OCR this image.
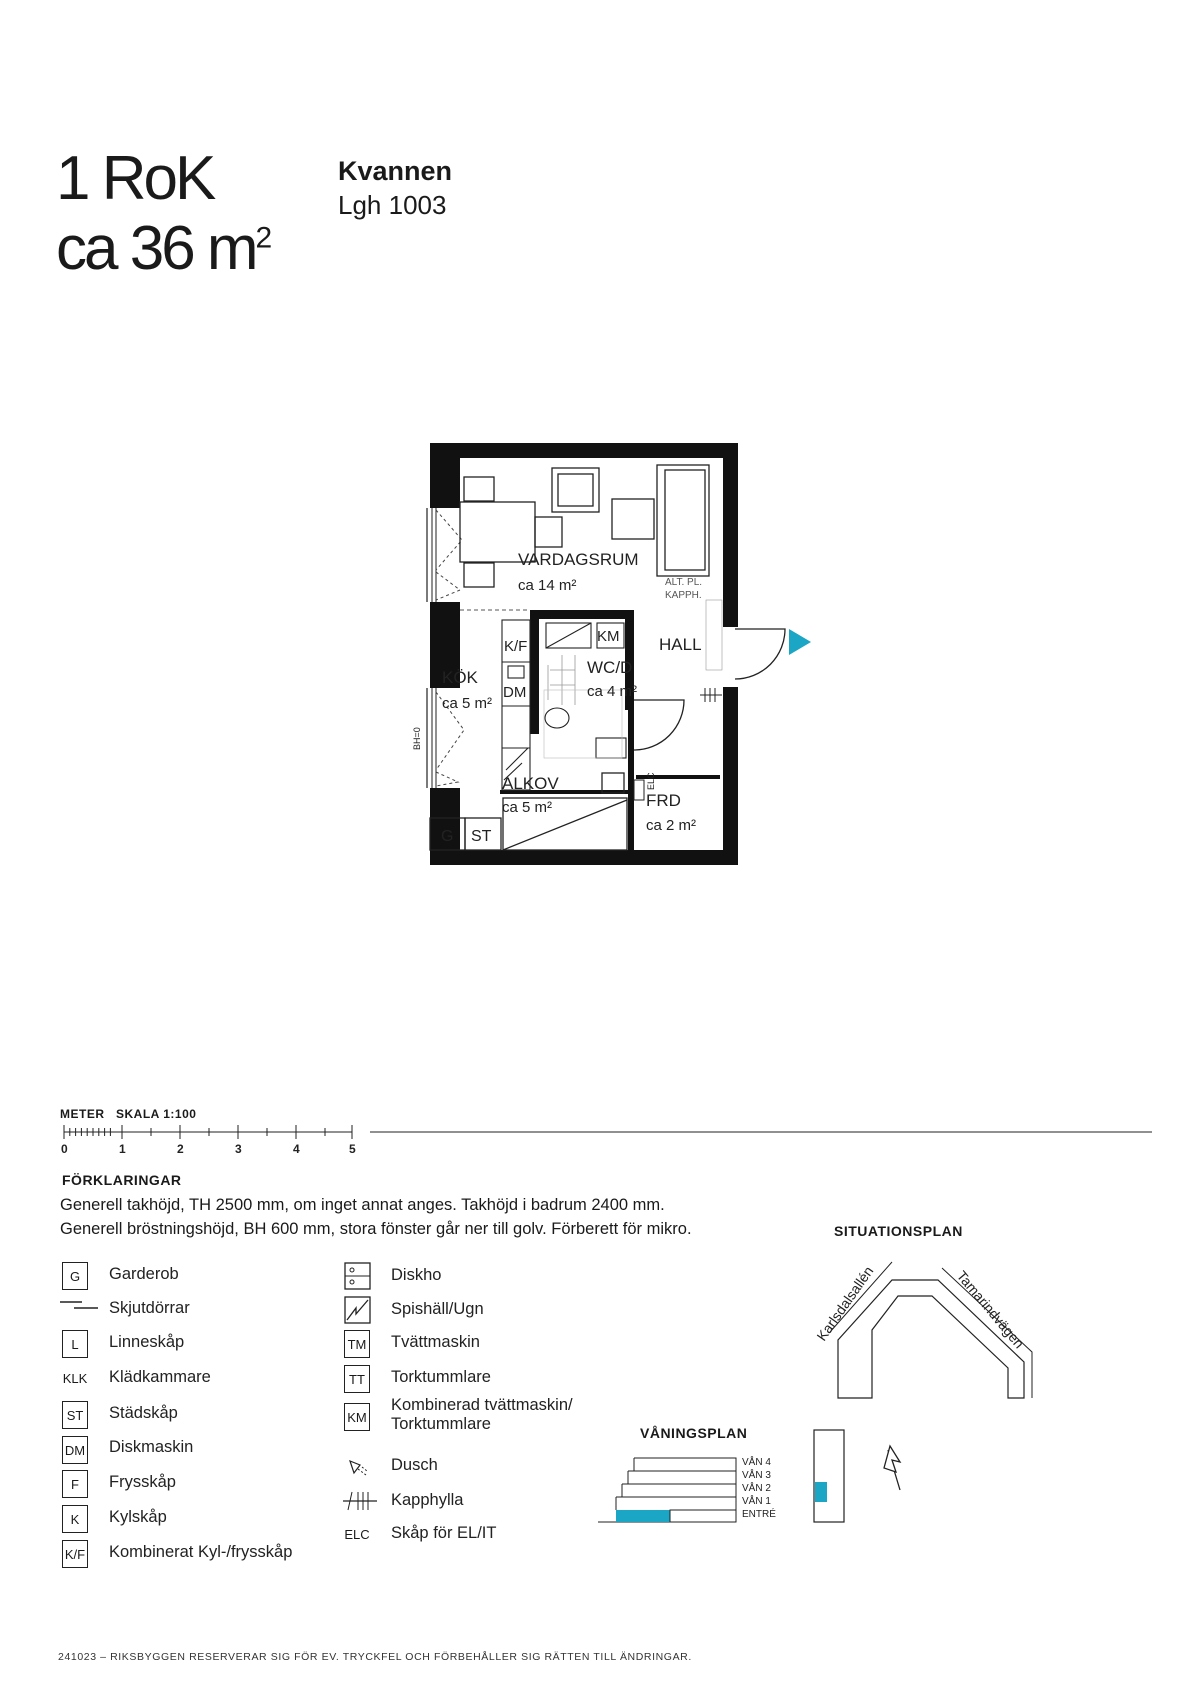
1 RoK
ca 36 $m^2$
Kvannen
Lgh 1003
BH=0
K/F
DM
KM
ALT. PL.
KAPPH.
G ST
ELC
VARDAGSRUM
ca 14 m²
KÖK
ca 5 m²
WC/D
ca 4 m²
HALL
ALKOV
ca 5 m²	FRD
ca 2 m²
METER SKALA 1:100
0	1	2	3	4	5
FÖRKLARINGAR
Generell takhöjd, TH 2500 mm, om inget annat anges. Takhöjd i badrum 2400 mm.
Generell bröstningshöjd, BH 600 mm, stora fönster går ner till golv. Förberett för mikro.
G	Garderob
Skjutdörrar
L	Linneskåp
KLK Klädkammare
ST Städskåp
DM Diskmaskin
F	Frysskåp
K	Kylskåp
K/F Kombinerat Kyl-/frysskåp
Diskho
Spishäll/Ugn
TM Tvättmaskin
TT	Torktummlare
KM
Kombinerad tvättmaskin/
Torktummlare
Dusch
Kapphylla
ELC Skåp för EL/IT
VÅNINGSPLAN
VÅN 4
VÅN 3
VÅN 2
VÅN 1
ENTRÉ
SITUATIONSPLAN
Karlsdalsallén	Tamarindvägen
241023 – RIKSBYGGEN RESERVERAR SIG FÖR EV. TRYCKFEL OCH FÖRBEHÅLLER SIG RÄTTEN TILL ÄNDRINGAR.
